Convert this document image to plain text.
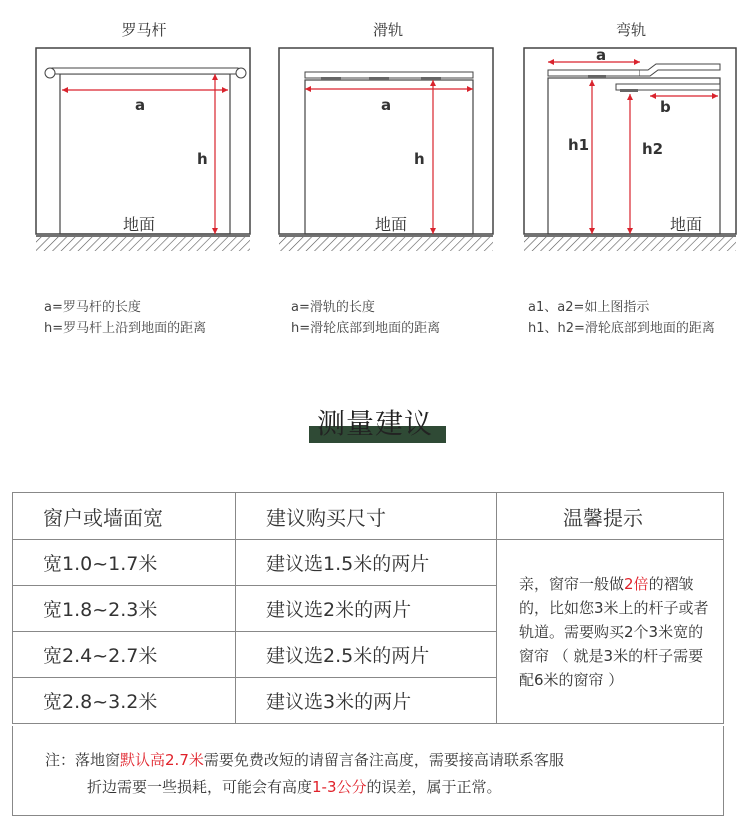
罗马杆
a
h
地面
a=罗马杆的长度
h=罗马杆上沿到地面的距离
滑轨
a
h
地面
a=滑轨的长度
h=滑轮底部到地面的距离
弯轨
a
b
h1	h2
地面
a1、a2=如上图指示
h1、h2=滑轮底部到地面的距离
测量建议
窗户或墙面宽	建议购买尺寸	温馨提示
宽1.0~1.7米	建议选1.5米的两片	亲，窗帘一般做2倍的褶皱的，比如您3米上的杆子或者轨道。需要购买2个3米宽的窗帘 （ 就是3米的杆子需要配6米的窗帘 ）
宽1.8~2.3米	建议选2米的两片	
宽2.4~2.7米	建议选2.5米的两片	
宽2.8~3.2米	建议选3米的两片	

注：落地窗默认高2.7米需要免费改短的请留言备注高度，需要接高请联系客服

折边需要一些损耗，可能会有高度1-3公分的误差，属于正常。
